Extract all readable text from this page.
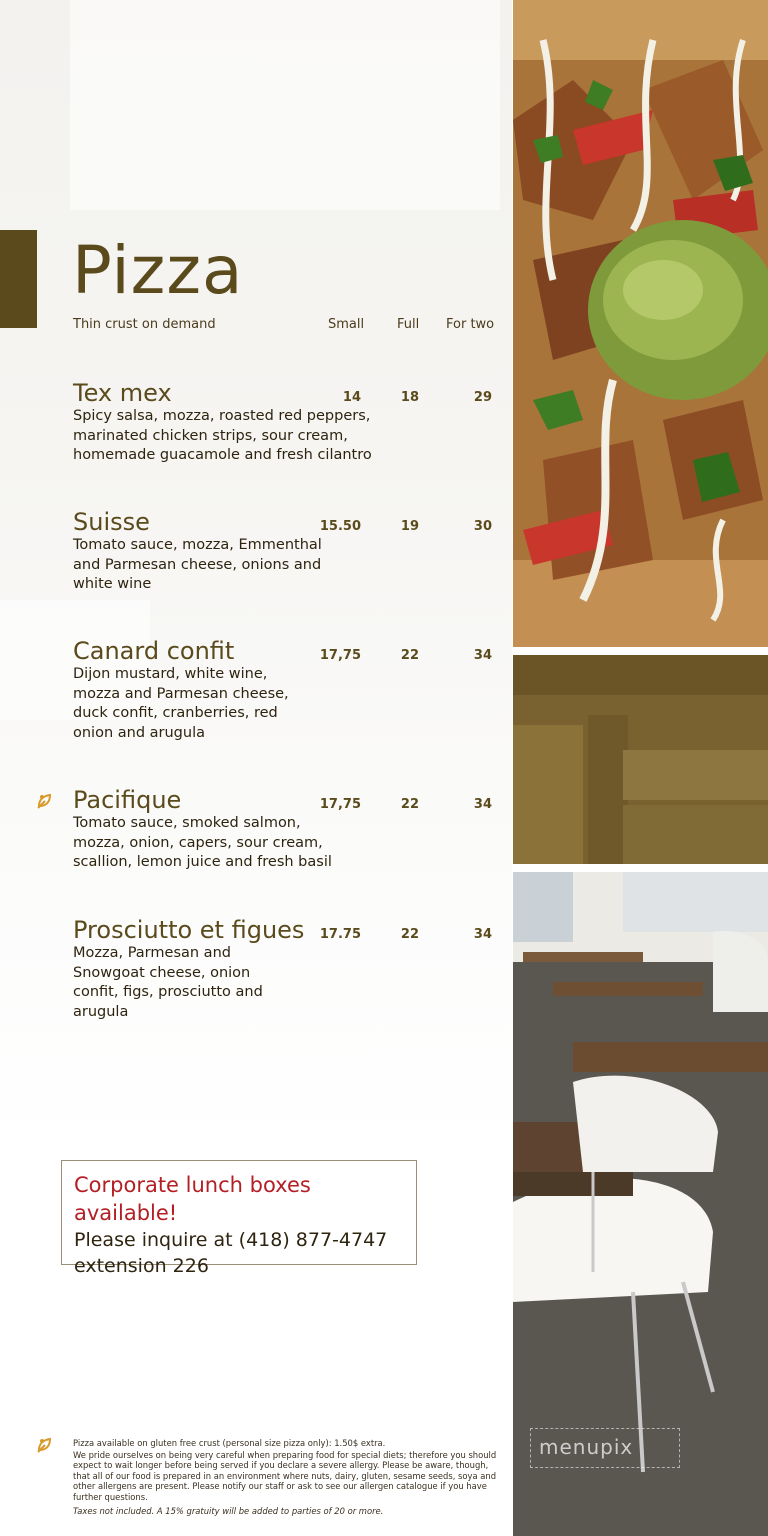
Pizza
Thin crust on demand	Small	Full For two
Tex mex
Spicy salsa, mozza, roasted red peppers, marinated chicken strips, sour cream, homemade guacamole and fresh cilantro
14	18	29
Suisse
Tomato sauce, mozza, Emmenthal and Parmesan cheese, onions and white wine
15.50	19	30
Canard confit
Dijon mustard, white wine, mozza and Parmesan cheese, duck confit, cranberries, red onion and arugula
17,75	22	34
Pacifique
Tomato sauce, smoked salmon, mozza, onion, capers, sour cream, scallion, lemon juice and fresh basil
17,75	22	34
Prosciutto et figues
Mozza, Parmesan and Snowgoat cheese, onion confit, figs, prosciutto and arugula
17.75	22	34
Corporate lunch boxes available!
Please inquire at (418) 877-4747
extension 226

Pizza available on gluten free crust (personal size pizza only): 1.50$ extra.

We pride ourselves on being very careful when preparing food for special diets; therefore you should expect to wait longer before being served if you declare a severe allergy. Please be aware, though, that all of our food is prepared in an environment where nuts, dairy, gluten, sesame seeds, soya and other allergens are present. Please notify our staff or ask to see our allergen catalogue if you have further questions.

Taxes not included. A 15% gratuity will be added to parties of 20 or more.

menupix
